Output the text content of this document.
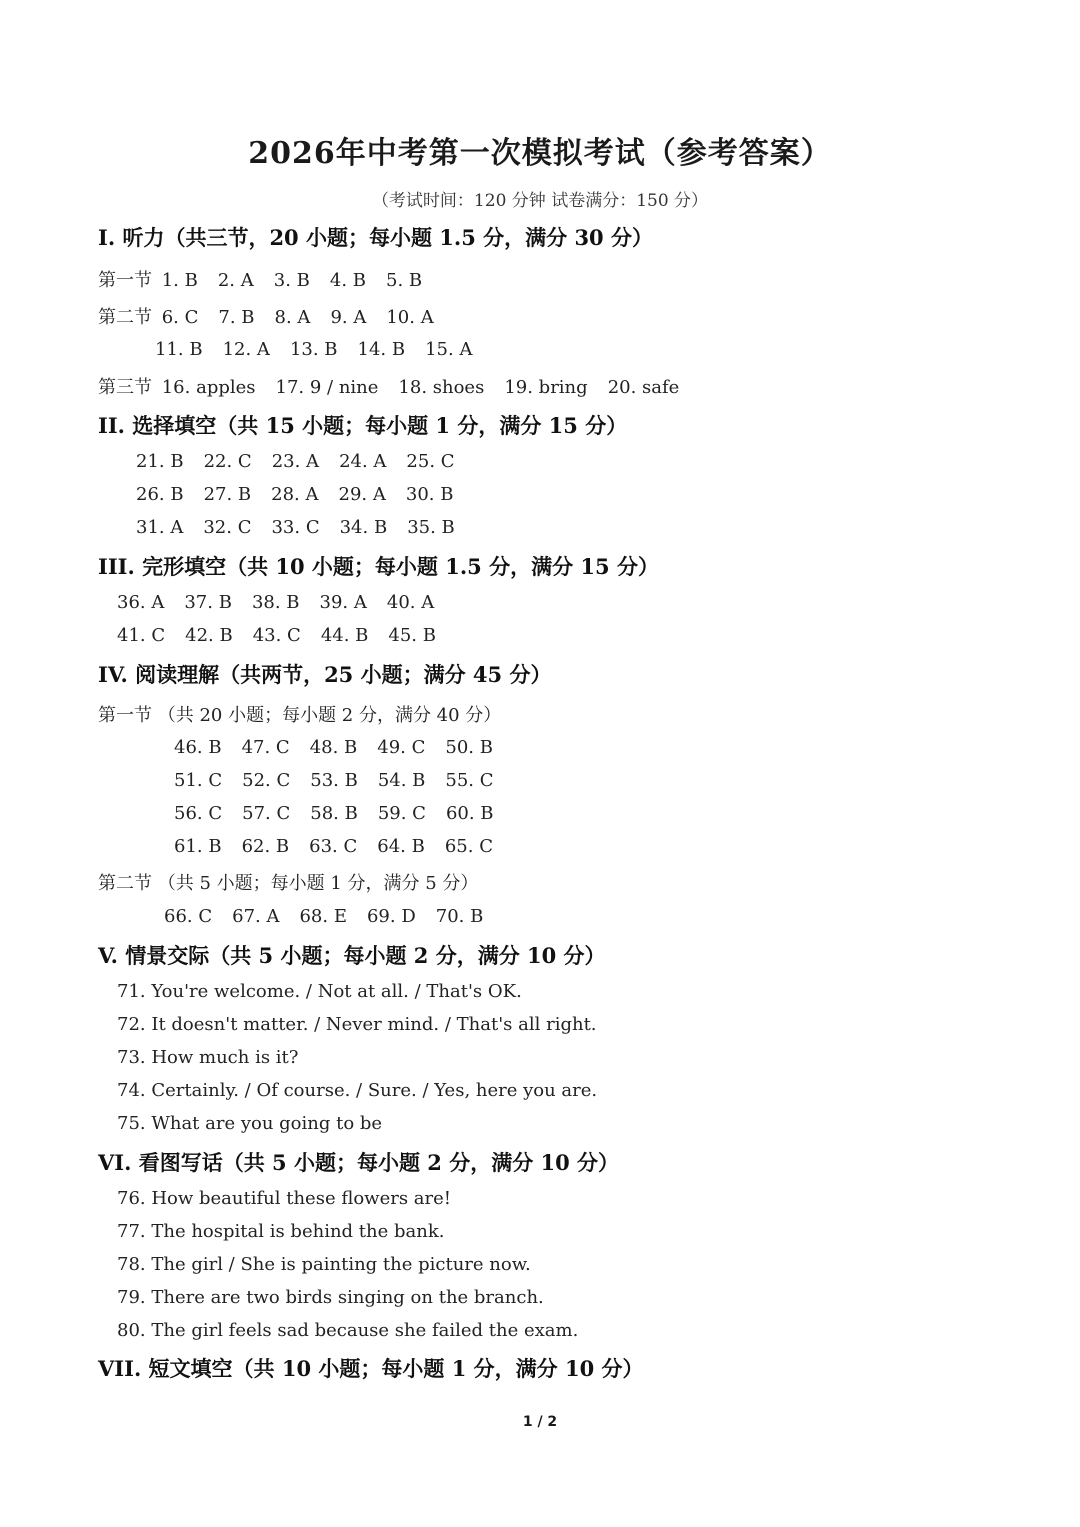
2026年中考第一次模拟考试（参考答案）
（考试时间：120 分钟 试卷满分：150 分）
I. 听力（共三节，20 小题；每小题 1.5 分，满分 30 分）
第一节 1. B 2. A 3. B 4. B 5. B
第二节 6. C 7. B 8. A 9. A 10. A
11. B 12. A 13. B 14. B 15. A
第三节 16. apples 17. 9 / nine 18. shoes 19. bring 20. safe
II. 选择填空（共 15 小题；每小题 1 分，满分 15 分）
21. B 22. C 23. A 24. A 25. C
26. B 27. B 28. A 29. A 30. B
31. A 32. C 33. C 34. B 35. B
III. 完形填空（共 10 小题；每小题 1.5 分，满分 15 分）
36. A 37. B 38. B 39. A 40. A
41. C 42. B 43. C 44. B 45. B
IV. 阅读理解（共两节，25 小题；满分 45 分）
第一节 （共 20 小题；每小题 2 分，满分 40 分）
46. B 47. C 48. B 49. C 50. B
51. C 52. C 53. B 54. B 55. C
56. C 57. C 58. B 59. C 60. B
61. B 62. B 63. C 64. B 65. C
第二节 （共 5 小题；每小题 1 分，满分 5 分）
66. C 67. A 68. E 69. D 70. B
V. 情景交际（共 5 小题；每小题 2 分，满分 10 分）
71. You're welcome. / Not at all. / That's OK.
72. It doesn't matter. / Never mind. / That's all right.
73. How much is it?
74. Certainly. / Of course. / Sure. / Yes, here you are.
75. What are you going to be
VI. 看图写话（共 5 小题；每小题 2 分，满分 10 分）
76. How beautiful these flowers are!
77. The hospital is behind the bank.
78. The girl / She is painting the picture now.
79. There are two birds singing on the branch.
80. The girl feels sad because she failed the exam.
VII. 短文填空（共 10 小题；每小题 1 分，满分 10 分）
1 / 2
